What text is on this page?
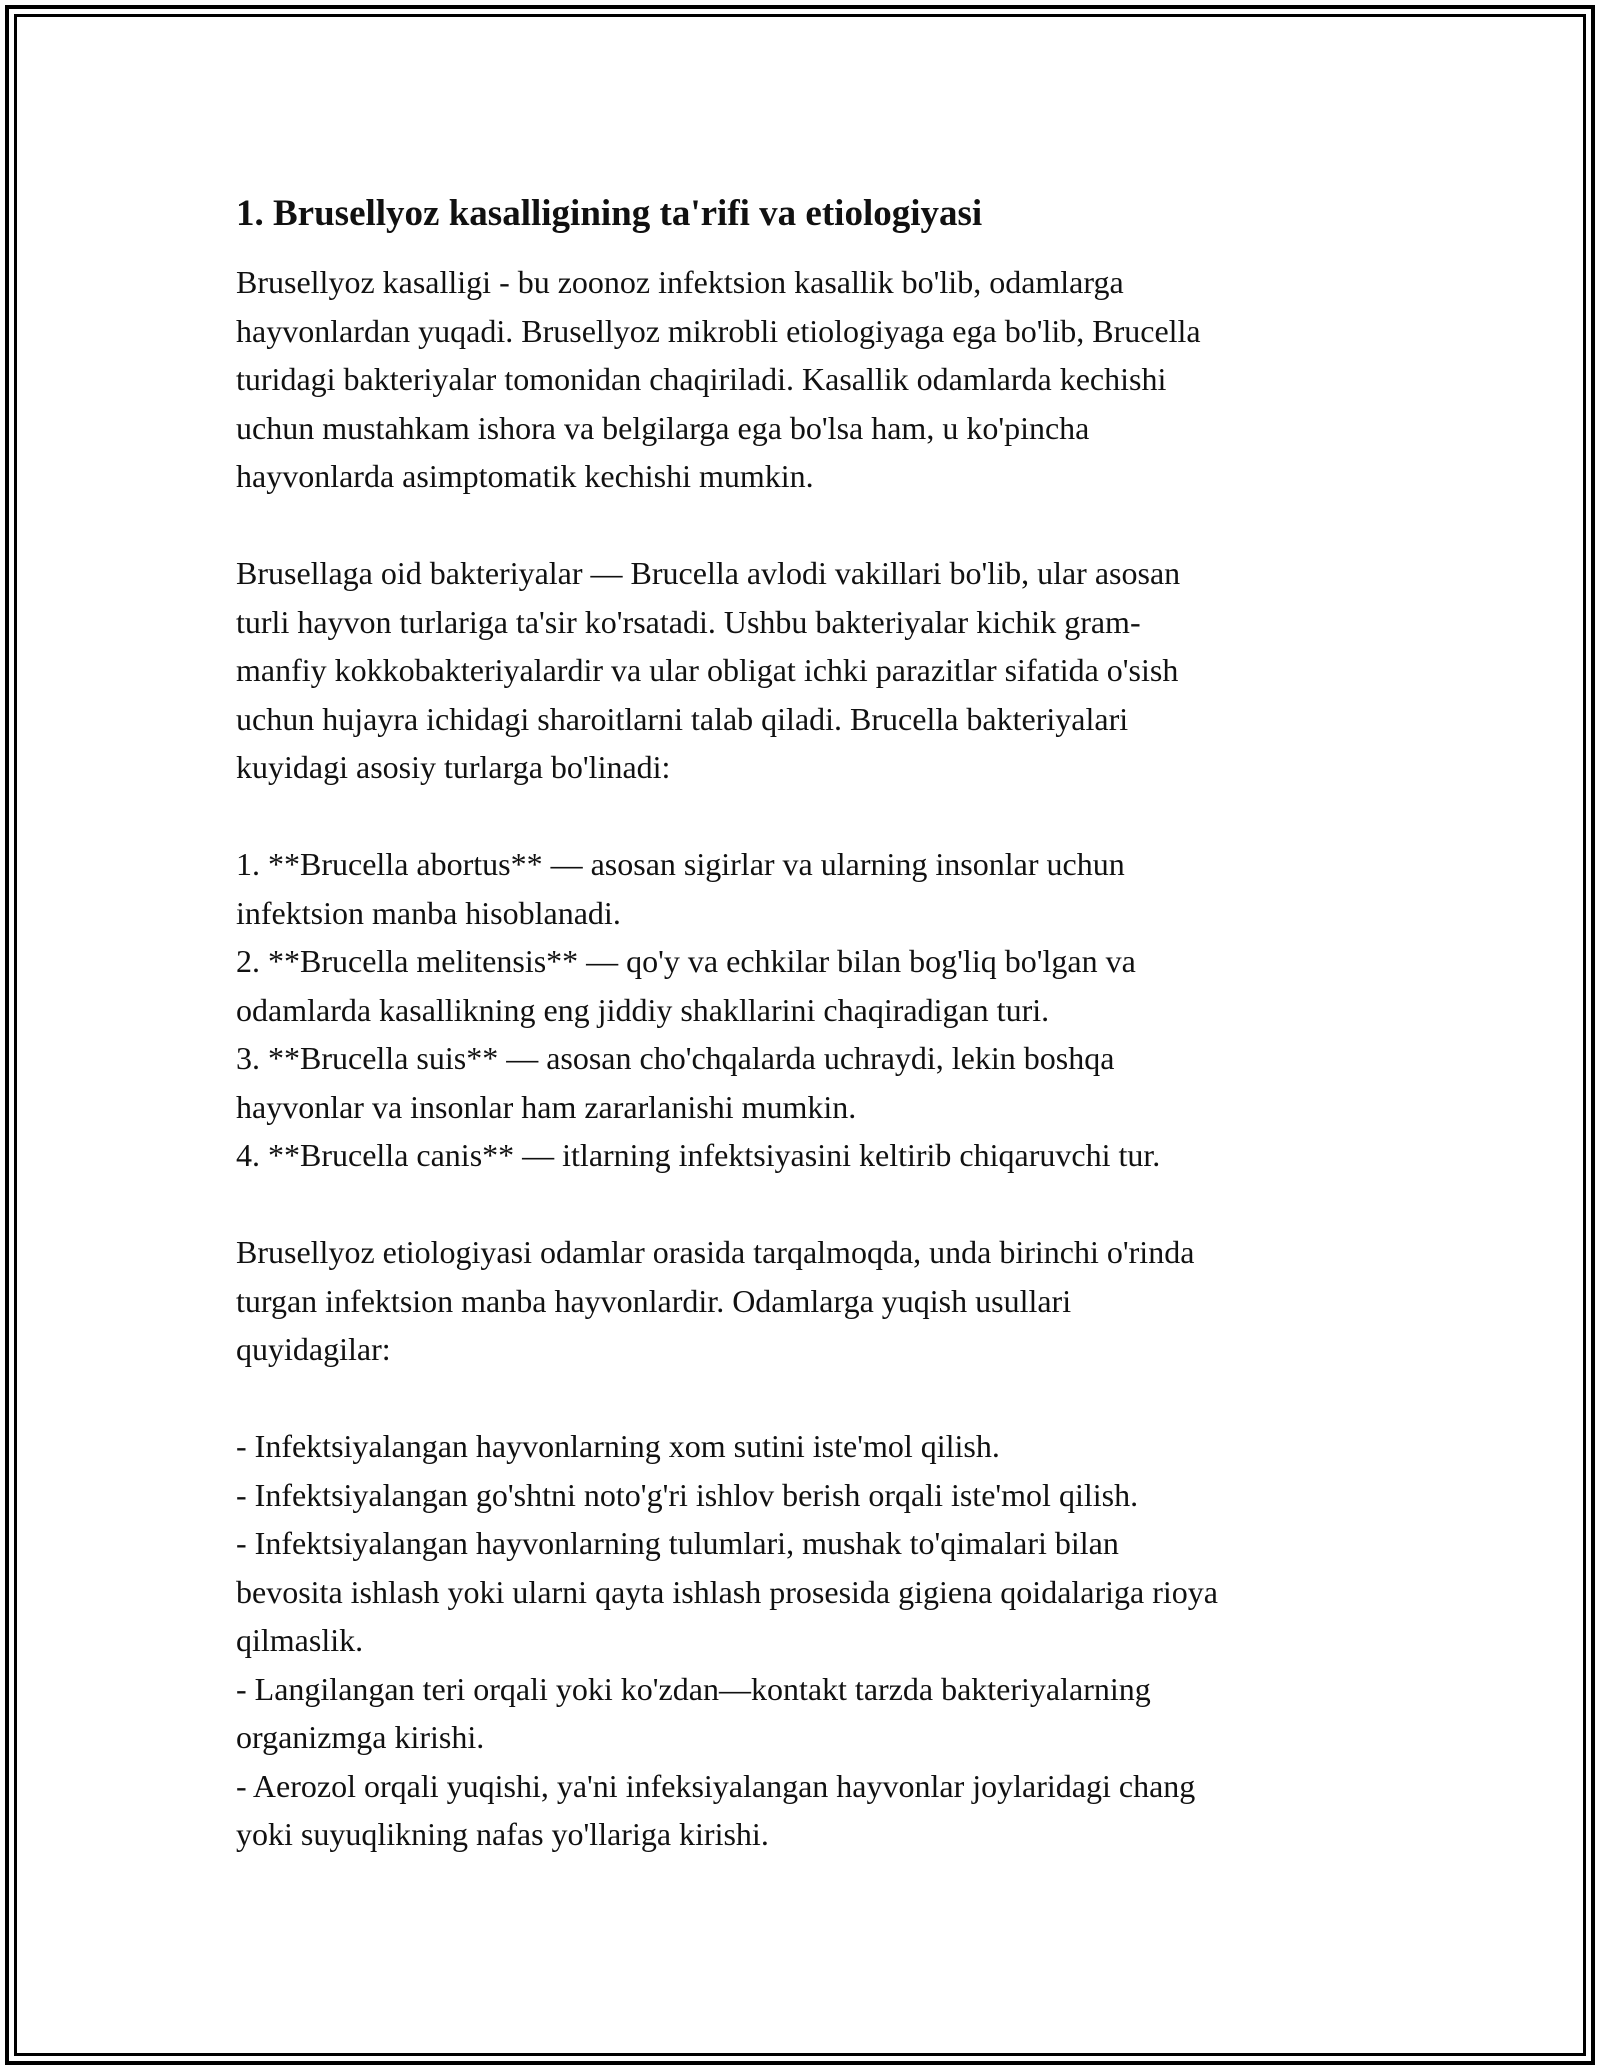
1. Brusellyoz kasalligining ta'rifi va etiologiyasi
Brusellyoz kasalligi - bu zoonoz infektsion kasallik bo'lib, odamlarga
hayvonlardan yuqadi. Brusellyoz mikrobli etiologiyaga ega bo'lib, Brucella
turidagi bakteriyalar tomonidan chaqiriladi. Kasallik odamlarda kechishi
uchun mustahkam ishora va belgilarga ega bo'lsa ham, u ko'pincha
hayvonlarda asimptomatik kechishi mumkin.
Brusellaga oid bakteriyalar — Brucella avlodi vakillari bo'lib, ular asosan
turli hayvon turlariga ta'sir ko'rsatadi. Ushbu bakteriyalar kichik gram-
manfiy kokkobakteriyalardir va ular obligat ichki parazitlar sifatida o'sish
uchun hujayra ichidagi sharoitlarni talab qiladi. Brucella bakteriyalari
kuyidagi asosiy turlarga bo'linadi:
1. **Brucella abortus** — asosan sigirlar va ularning insonlar uchun
infektsion manba hisoblanadi.
2. **Brucella melitensis** — qo'y va echkilar bilan bog'liq bo'lgan va
odamlarda kasallikning eng jiddiy shakllarini chaqiradigan turi.
3. **Brucella suis** — asosan cho'chqalarda uchraydi, lekin boshqa
hayvonlar va insonlar ham zararlanishi mumkin.
4. **Brucella canis** — itlarning infektsiyasini keltirib chiqaruvchi tur.
Brusellyoz etiologiyasi odamlar orasida tarqalmoqda, unda birinchi o'rinda
turgan infektsion manba hayvonlardir. Odamlarga yuqish usullari
quyidagilar:
- Infektsiyalangan hayvonlarning xom sutini iste'mol qilish.
- Infektsiyalangan go'shtni noto'g'ri ishlov berish orqali iste'mol qilish.
- Infektsiyalangan hayvonlarning tulumlari, mushak to'qimalari bilan
bevosita ishlash yoki ularni qayta ishlash prosesida gigiena qoidalariga rioya
qilmaslik.
- Langilangan teri orqali yoki ko'zdan—kontakt tarzda bakteriyalarning
organizmga kirishi.
- Aerozol orqali yuqishi, ya'ni infeksiyalangan hayvonlar joylaridagi chang
yoki suyuqlikning nafas yo'llariga kirishi.
